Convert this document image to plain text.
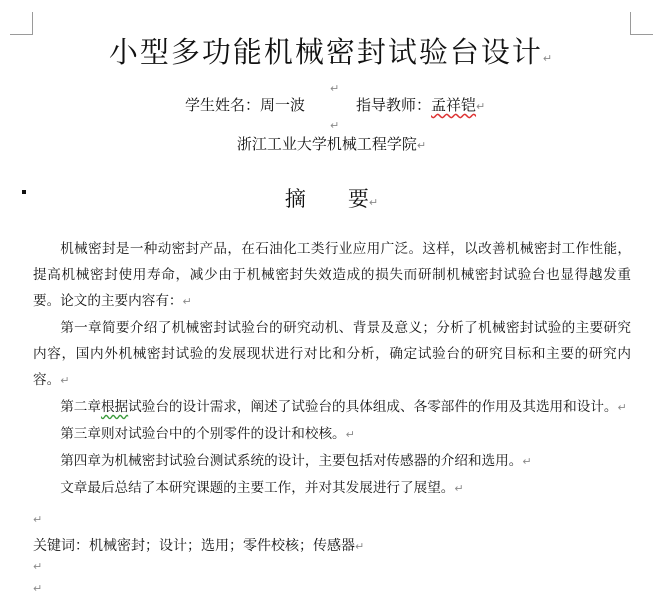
小型多功能机械密封试验台设计↵
↵
学生姓名：周一波	指导教师：孟祥铠↵
↵
浙江工业大学机械工程学院↵
摘 要↵

机械密封是一种动密封产品，在石油化工类行业应用广泛。这样，以改善机械密封工作性能，提高机械密封使用寿命，减少由于机械密封失效造成的损失而研制机械密封试验台也显得越发重要。论文的主要内容有：↵

第一章简要介绍了机械密封试验台的研究动机、背景及意义；分析了机械密封试验的主要研究内容，国内外机械密封试验的发展现状进行对比和分析，确定试验台的研究目标和主要的研究内容。↵

第二章根据试验台的设计需求，阐述了试验台的具体组成、各零部件的作用及其选用和设计。↵

第三章则对试验台中的个别零件的设计和校核。↵

第四章为机械密封试验台测试系统的设计，主要包括对传感器的介绍和选用。↵

文章最后总结了本研究课题的主要工作，并对其发展进行了展望。↵

↵
关键词：机械密封；设计；选用；零件校核；传感器↵
↵
↵
